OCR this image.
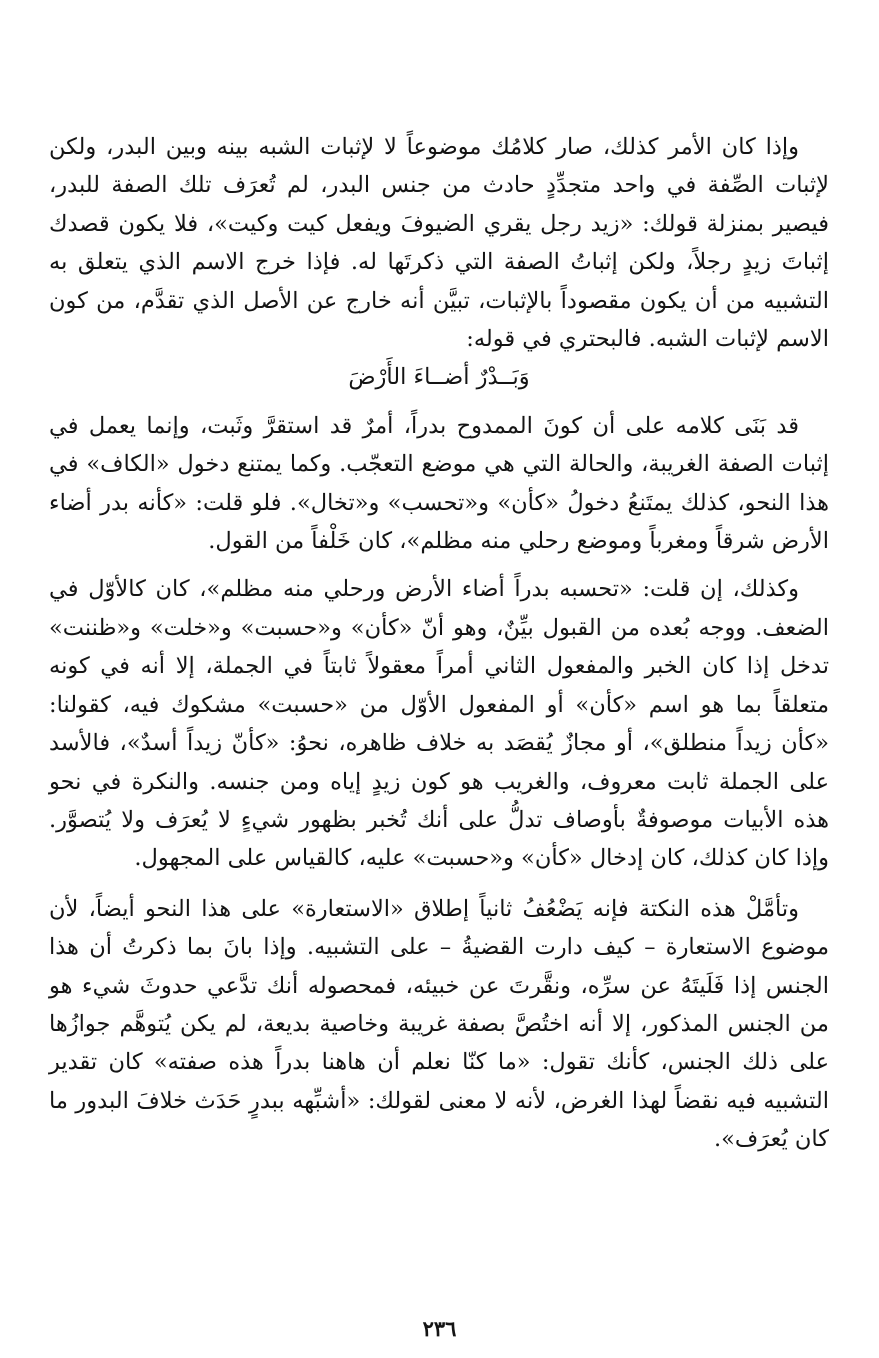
وإذا كان الأمر كذلك، صار كلامُك موضوعاً لا لإثبات الشبه بينه وبين البدر، ولكن لإثبات الصِّفة في واحد متجدِّدٍ حادث من جنس البدر، لم تُعرَف تلك الصفة للبدر، فيصير بمنزلة قولك: «زيد رجل يقري الضيوفَ ويفعل كيت وكيت»، فلا يكون قصدك إثباتَ زيدٍ رجلاً، ولكن إثباتُ الصفة التي ذكرتَها له. فإذا خرج الاسم الذي يتعلق به التشبيه من أن يكون مقصوداً بالإثبات، تبيَّن أنه خارج عن الأصل الذي تقدَّم، من كون الاسم لإثبات الشبه. فالبحتري في قوله:

وَبَــدْرٌ أضــاءَ الأَرْضَ

قد بَنَى كلامه على أن كونَ الممدوح بدراً، أمرٌ قد استقرَّ وثَبت، وإنما يعمل في إثبات الصفة الغريبة، والحالة التي هي موضع التعجّب. وكما يمتنع دخول «الكاف» في هذا النحو، كذلك يمتَنعُ دخولُ «كأن» و«تحسب» و«تخال». فلو قلت: «كأنه بدر أضاء الأرض شرقاً ومغرباً وموضع رحلي منه مظلم»، كان خَلْفاً من القول.

وكذلك، إن قلت: «تحسبه بدراً أضاء الأرض ورحلي منه مظلم»، كان كالأوّل في الضعف. ووجه بُعده من القبول بيِّنٌ، وهو أنّ «كأن» و«حسبت» و«خلت» و«ظننت» تدخل إذا كان الخبر والمفعول الثاني أمراً معقولاً ثابتاً في الجملة، إلا أنه في كونه متعلقاً بما هو اسم «كأن» أو المفعول الأوّل من «حسبت» مشكوك فيه، كقولنا: «كأن زيداً منطلق»، أو مجازٌ يُقصَد به خلاف ظاهره، نحوُ: «كأنّ زيداً أسدٌ»، فالأسد على الجملة ثابت معروف، والغريب هو كون زيدٍ إياه ومن جنسه. والنكرة في نحو هذه الأبيات موصوفةٌ بأوصاف تدلُّ على أنك تُخبر بظهور شيءٍ لا يُعرَف ولا يُتصوَّر. وإذا كان كذلك، كان إدخال «كأن» و«حسبت» عليه، كالقياس على المجهول.

وتأمَّلْ هذه النكتة فإنه يَضْعُفُ ثانياً إطلاق «الاستعارة» على هذا النحو أيضاً، لأن موضوع الاستعارة – كيف دارت القضيةُ – على التشبيه. وإذا بانَ بما ذكرتُ أن هذا الجنس إذا فَلَيتَهُ عن سرِّه، ونقَّرتَ عن خبيئه، فمحصوله أنك تدَّعي حدوثَ شيء هو من الجنس المذكور، إلا أنه اختُصَّ بصفة غريبة وخاصية بديعة، لم يكن يُتوهَّم جوازُها على ذلك الجنس، كأنك تقول: «ما كنّا نعلم أن هاهنا بدراً هذه صفته» كان تقدير التشبيه فيه نقضاً لهذا الغرض، لأنه لا معنى لقولك: «أشبِّهه ببدرٍ حَدَث خلافَ البدور ما كان يُعرَف».

٢٣٦
